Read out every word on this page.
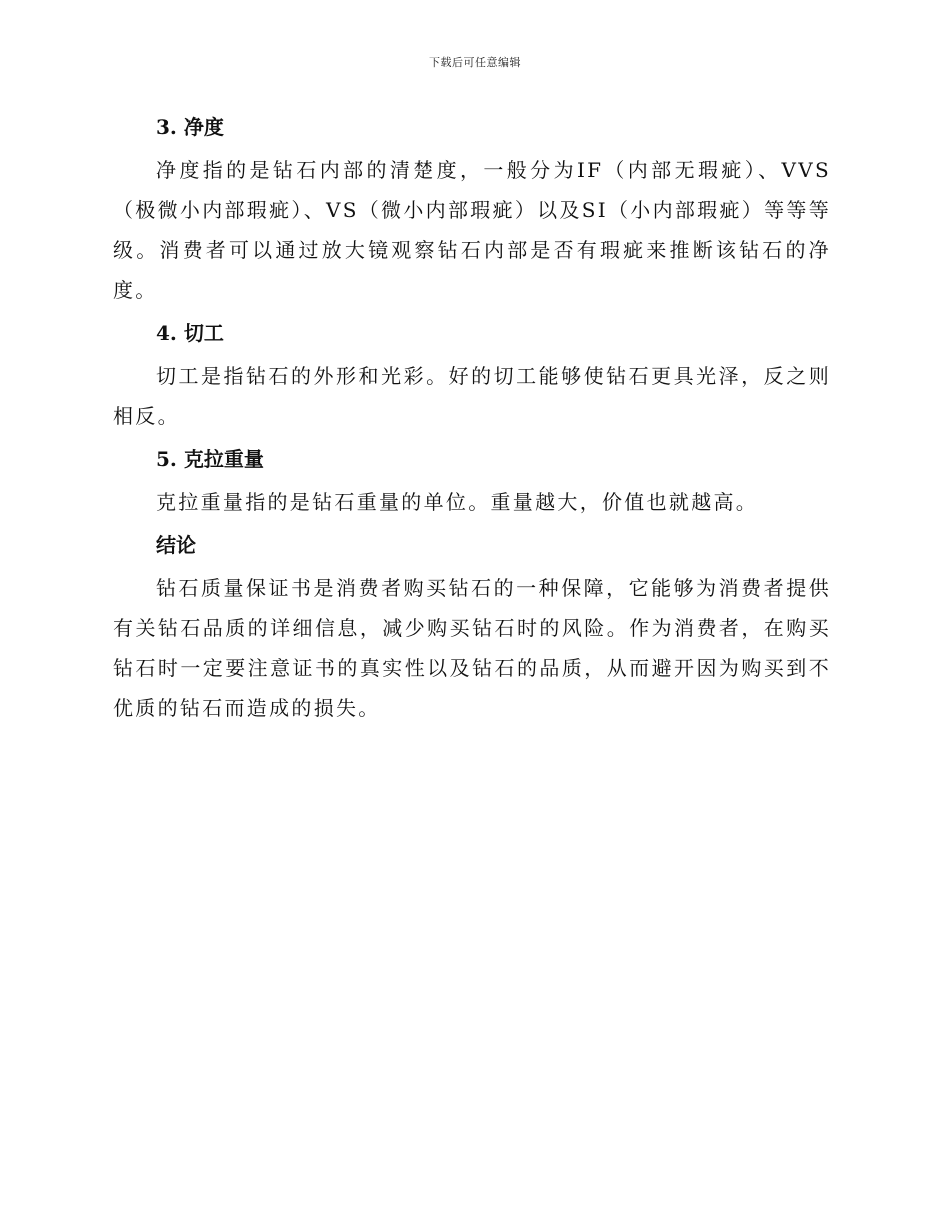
下载后可任意编辑
3. 净度

净度指的是钻石内部的清楚度，一般分为IF（内部无瑕疵）、VVS（极微小内部瑕疵）、VS（微小内部瑕疵）以及SI（小内部瑕疵）等等等级。消费者可以通过放大镜观察钻石内部是否有瑕疵来推断该钻石的净度。

4. 切工

切工是指钻石的外形和光彩。好的切工能够使钻石更具光泽，反之则相反。

5. 克拉重量

克拉重量指的是钻石重量的单位。重量越大，价值也就越高。

结论

钻石质量保证书是消费者购买钻石的一种保障，它能够为消费者提供有关钻石品质的详细信息，减少购买钻石时的风险。作为消费者，在购买钻石时一定要注意证书的真实性以及钻石的品质，从而避开因为购买到不优质的钻石而造成的损失。
